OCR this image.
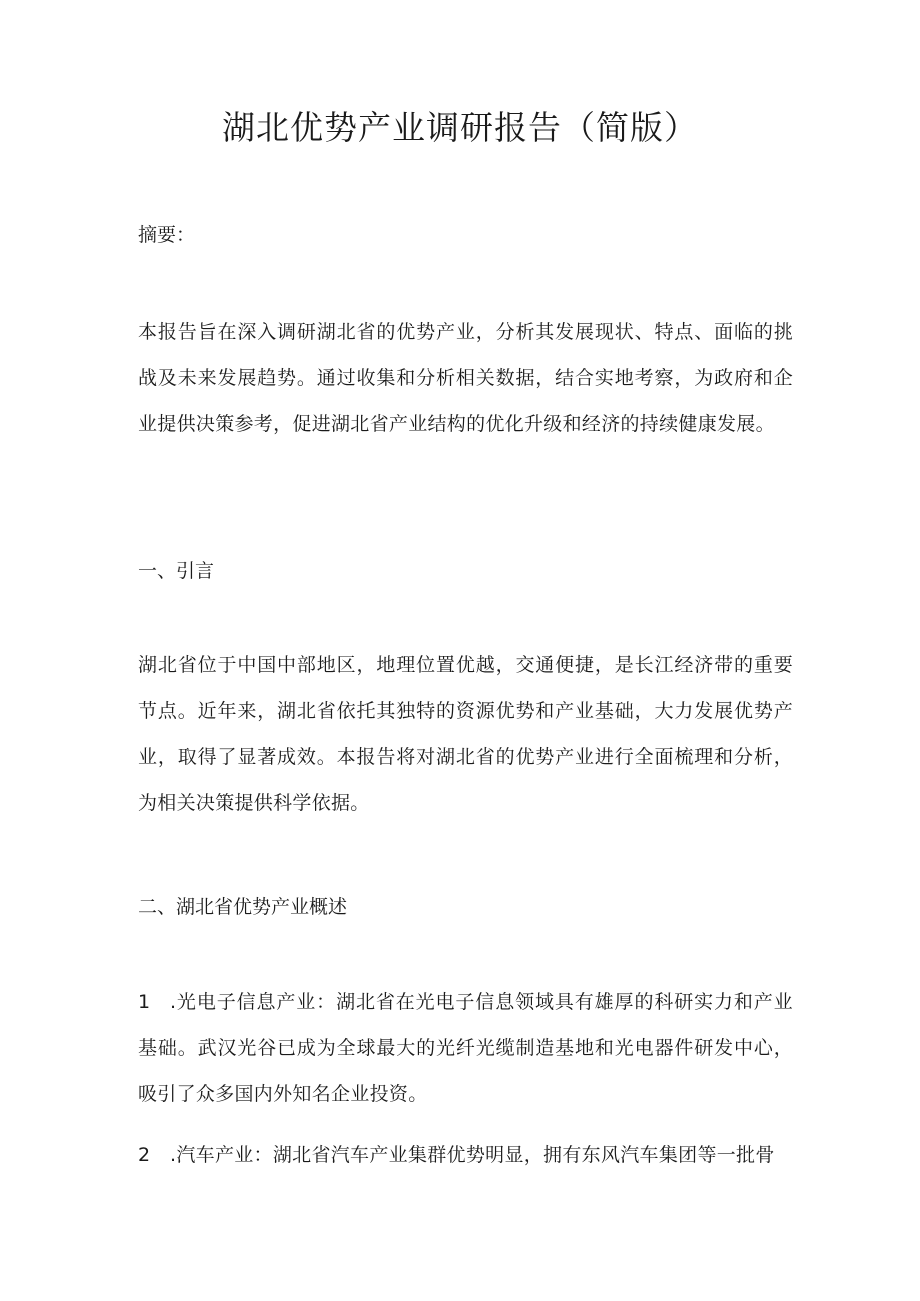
湖北优势产业调研报告（简版）

摘要：

本报告旨在深入调研湖北省的优势产业，分析其发展现状、特点、面临的挑战及未来发展趋势。通过收集和分析相关数据，结合实地考察，为政府和企业提供决策参考，促进湖北省产业结构的优化升级和经济的持续健康发展。

一、引言

湖北省位于中国中部地区，地理位置优越，交通便捷，是长江经济带的重要节点。近年来，湖北省依托其独特的资源优势和产业基础，大力发展优势产业，取得了显著成效。本报告将对湖北省的优势产业进行全面梳理和分析，为相关决策提供科学依据。

二、湖北省优势产业概述

1 .光电子信息产业：湖北省在光电子信息领域具有雄厚的科研实力和产业基础。武汉光谷已成为全球最大的光纤光缆制造基地和光电器件研发中心，吸引了众多国内外知名企业投资。

2 .汽车产业：湖北省汽车产业集群优势明显，拥有东风汽车集团等一批骨
